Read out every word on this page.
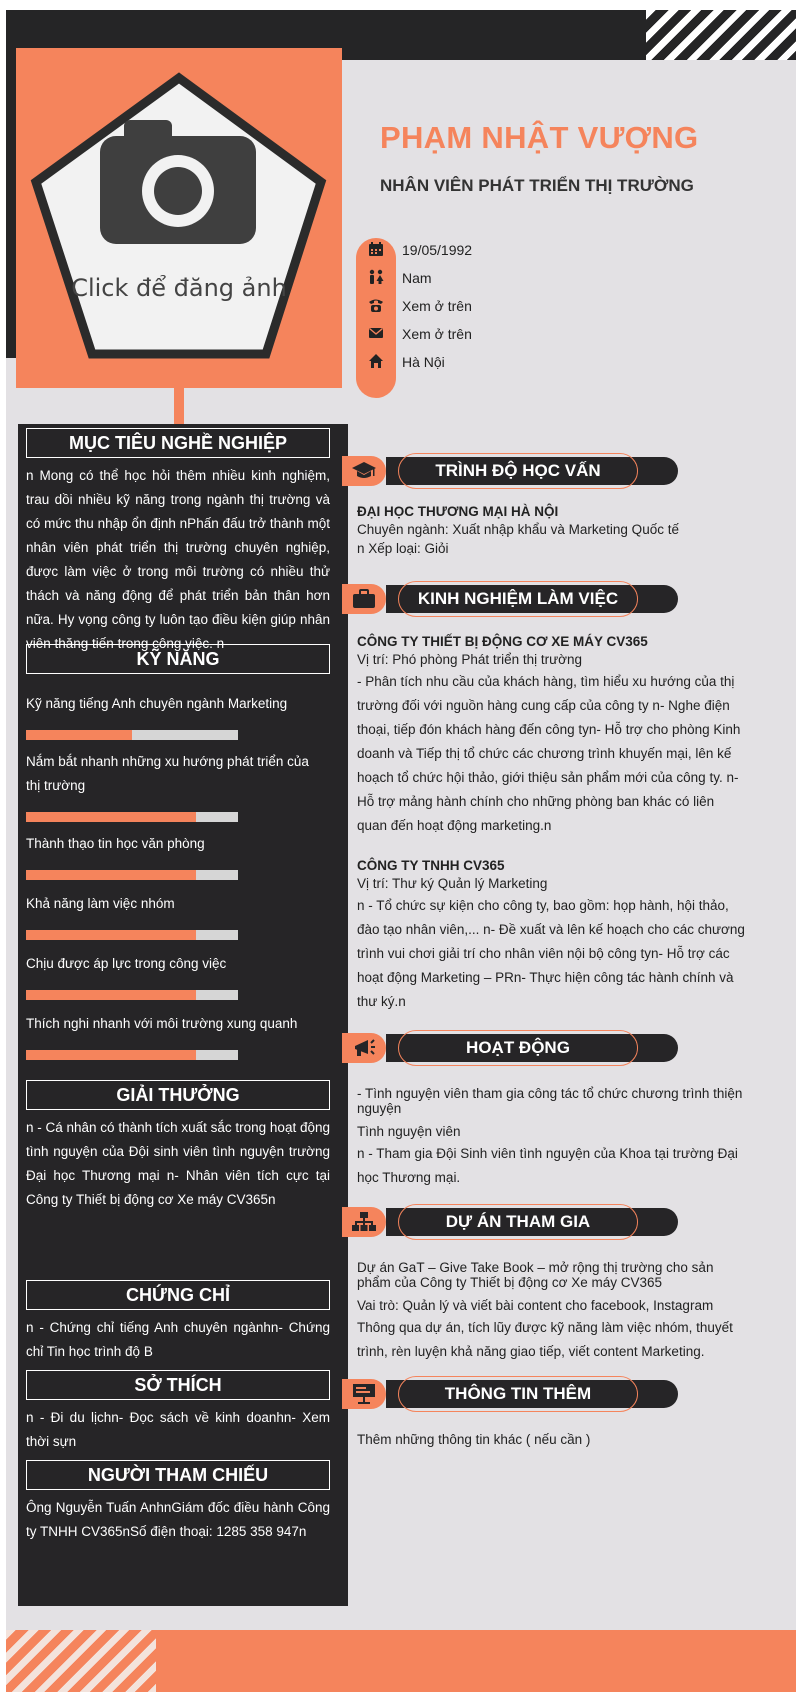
Click để đăng ảnh
PHẠM NHẬT VƯỢNG
NHÂN VIÊN PHÁT TRIỂN THỊ TRƯỜNG
19/05/1992
Nam
Xem ở trên
Xem ở trên
Hà Nội
MỤC TIÊU NGHỀ NGHIỆP
n Mong có thể học hỏi thêm nhiều kinh nghiệm, trau dồi nhiều kỹ năng trong ngành thị trường và có mức thu nhập ổn định nPhấn đấu trở thành một nhân viên phát triển thị trường chuyên nghiệp, được làm việc ở trong môi trường có nhiều thử thách và năng động để phát triển bản thân hơn nữa. Hy vọng công ty luôn tạo điều kiện giúp nhân viên thăng tiến trong công việc. n
KỸ NĂNG
Kỹ năng tiếng Anh chuyên ngành Marketing
Nắm bắt nhanh những xu hướng phát triển của thị trường
Thành thạo tin học văn phòng
Khả năng làm việc nhóm
Chịu được áp lực trong công việc
Thích nghi nhanh với môi trường xung quanh
GIẢI THƯỞNG
n - Cá nhân có thành tích xuất sắc trong hoạt động tình nguyện của Đội sinh viên tình nguyện trường Đại học Thương mại n- Nhân viên tích cực tại Công ty Thiết bị động cơ Xe máy CV365n
CHỨNG CHỈ
n - Chứng chỉ tiếng Anh chuyên ngànhn- Chứng chỉ Tin học trình độ B
SỞ THÍCH
n - Đi du lịchn- Đọc sách về kinh doanhn- Xem thời sựn
NGƯỜI THAM CHIẾU
Ông Nguyễn Tuấn AnhnGiám đốc điều hành Công ty TNHH CV365nSố điện thoại: 1285 358 947n
TRÌNH ĐỘ HỌC VẤN
ĐẠI HỌC THƯƠNG MẠI HÀ NỘI
Chuyên ngành: Xuất nhập khẩu và Marketing Quốc tế
n Xếp loại: Giỏi
KINH NGHIỆM LÀM VIỆC
CÔNG TY THIẾT BỊ ĐỘNG CƠ XE MÁY CV365
Vị trí: Phó phòng Phát triển thị trường
- Phân tích nhu cầu của khách hàng, tìm hiểu xu hướng của thị trường đối với nguồn hàng cung cấp của công ty n- Nghe điện thoại, tiếp đón khách hàng đến công tyn- Hỗ trợ cho phòng Kinh doanh và Tiếp thị tổ chức các chương trình khuyến mại, lên kế hoạch tổ chức hội thảo, giới thiệu sản phẩm mới của công ty. n- Hỗ trợ mảng hành chính cho những phòng ban khác có liên quan đến hoạt động marketing.n
CÔNG TY TNHH CV365
Vị trí: Thư ký Quản lý Marketing
n - Tổ chức sự kiện cho công ty, bao gồm: họp hành, hội thảo, đào tạo nhân viên,... n- Đề xuất và lên kế hoạch cho các chương trình vui chơi giải trí cho nhân viên nội bộ công tyn- Hỗ trợ các hoạt động Marketing – PRn- Thực hiện công tác hành chính và thư ký.n
HOẠT ĐỘNG
- Tình nguyện viên tham gia công tác tổ chức chương trình thiện nguyện
Tình nguyện viên
n - Tham gia Đội Sinh viên tình nguyện của Khoa tại trường Đại học Thương mại.
DỰ ÁN THAM GIA
Dự án GaT – Give Take Book – mở rộng thị trường cho sản phẩm của Công ty Thiết bị động cơ Xe máy CV365
Vai trò: Quản lý và viết bài content cho facebook, Instagram
Thông qua dự án, tích lũy được kỹ năng làm việc nhóm, thuyết trình, rèn luyện khả năng giao tiếp, viết content Marketing.
THÔNG TIN THÊM
Thêm những thông tin khác ( nếu cần )
